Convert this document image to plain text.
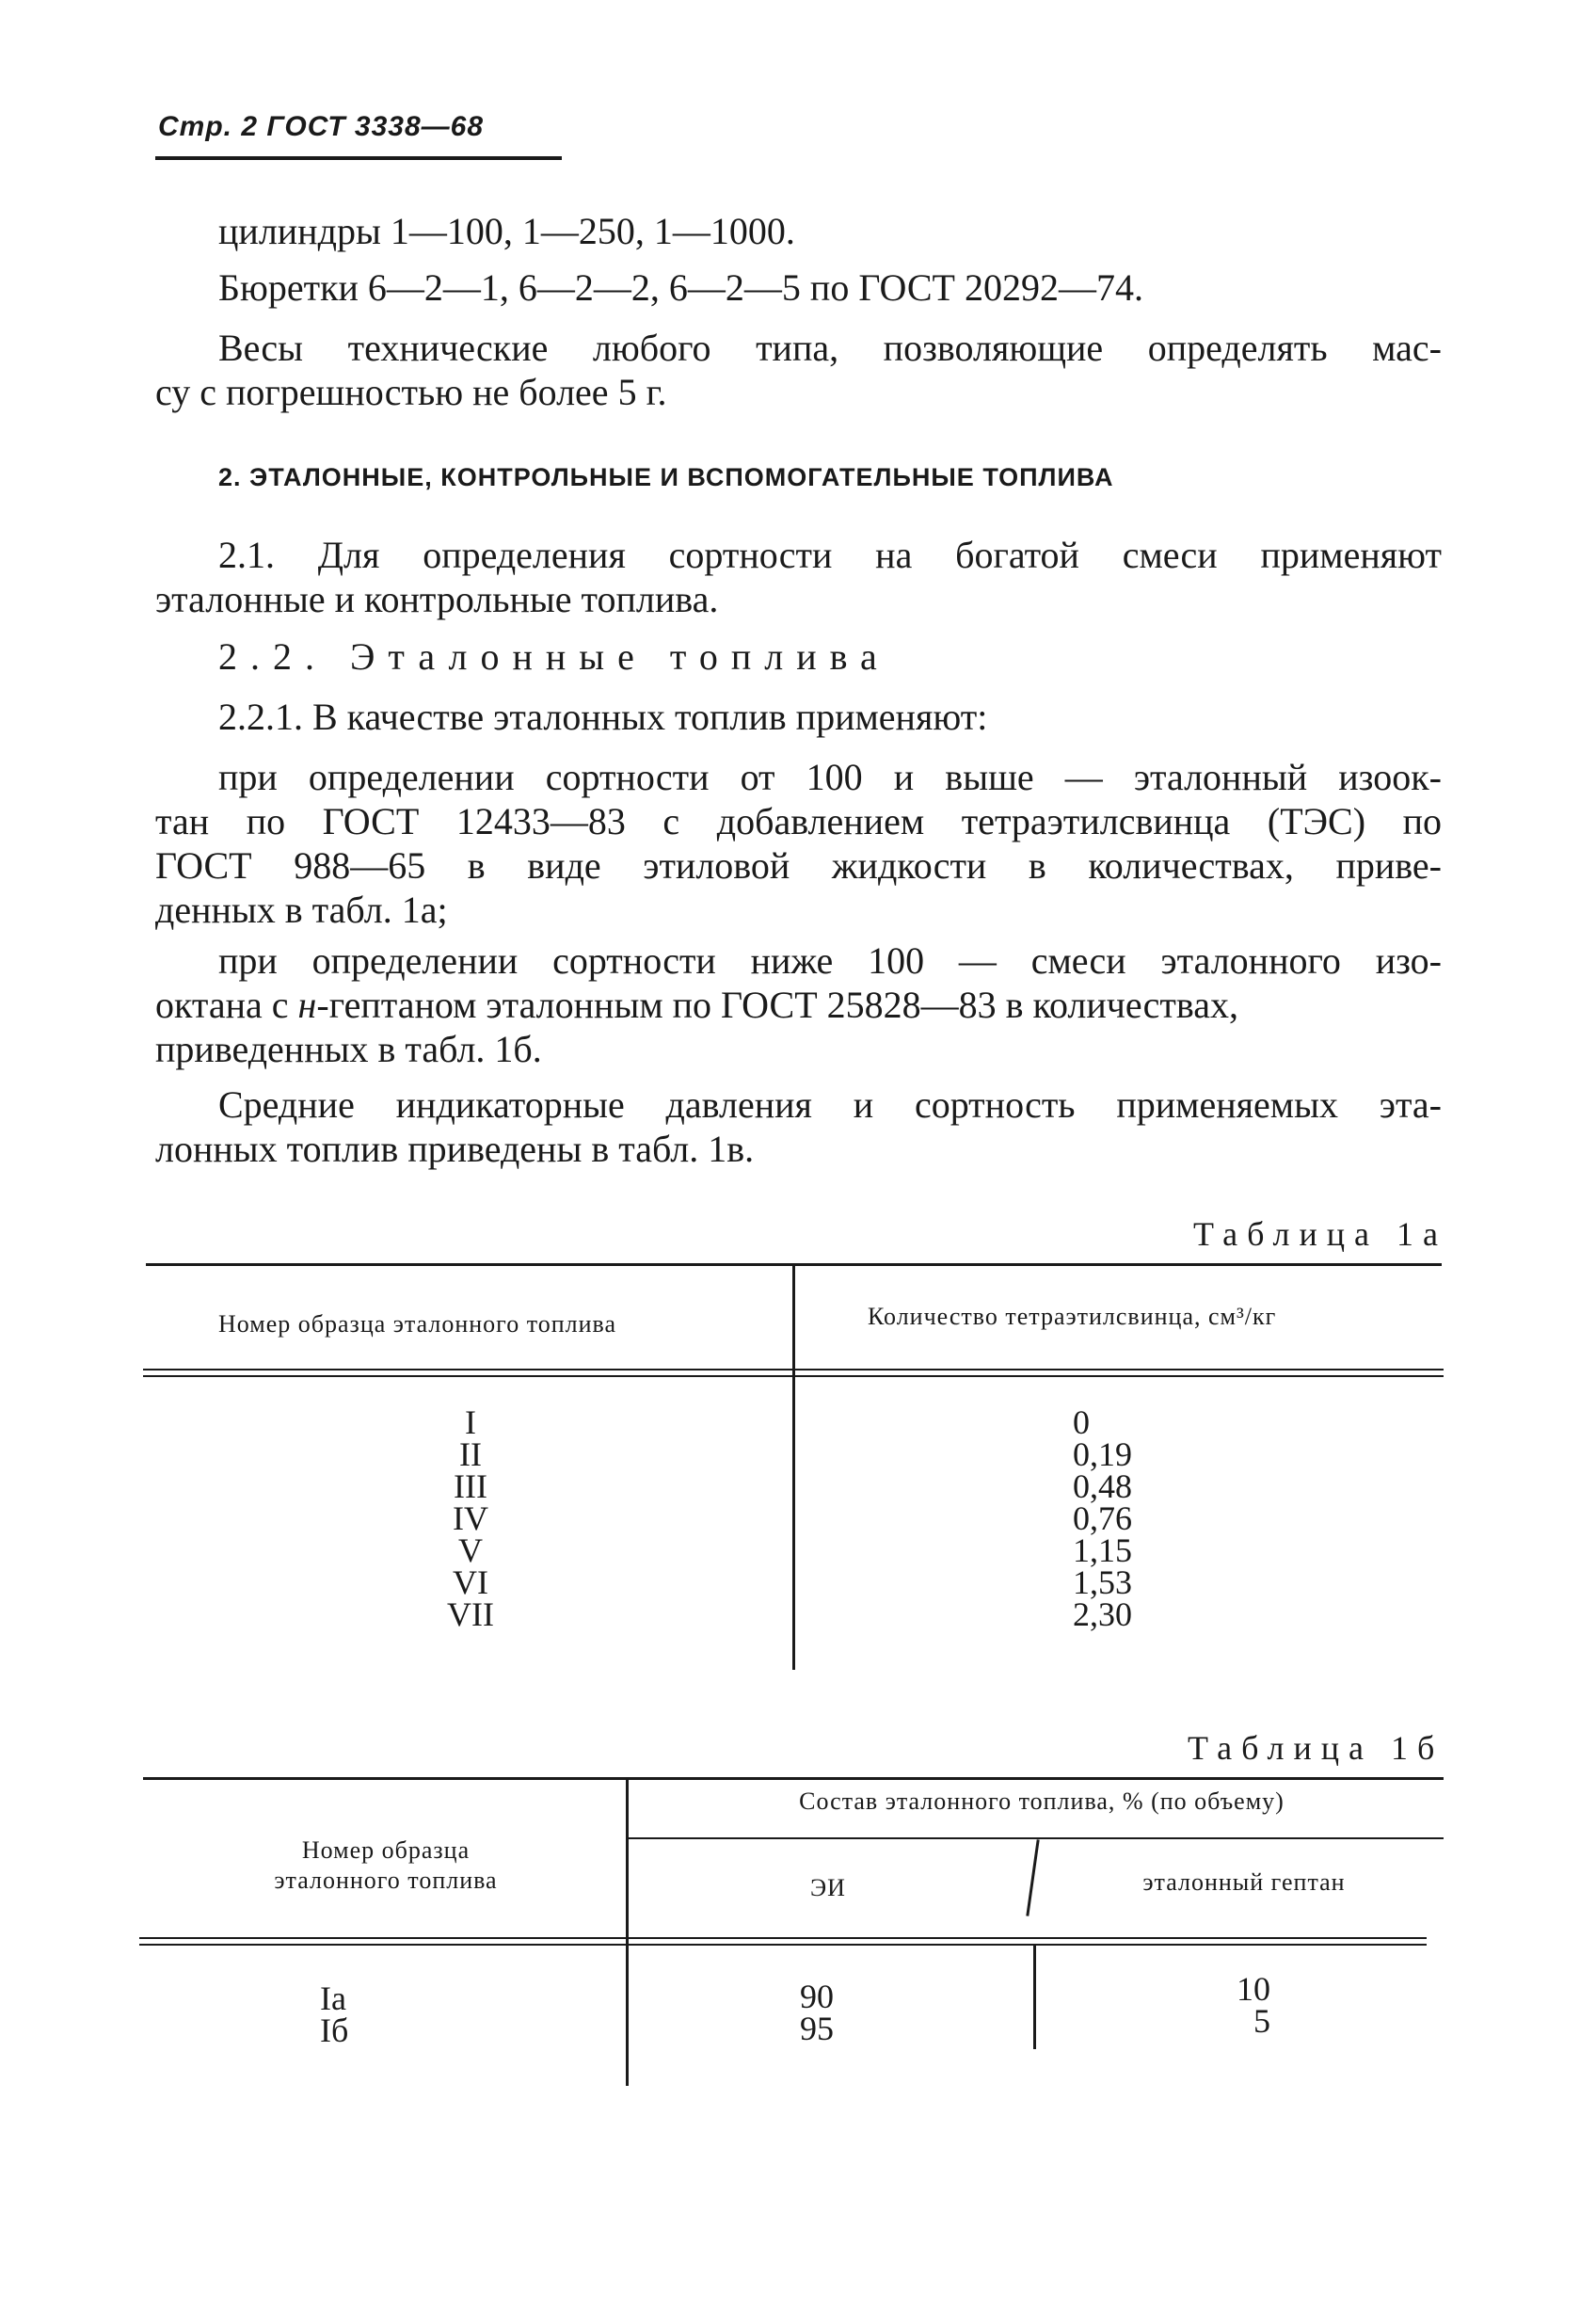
Стр. 2 ГОСТ 3338—68
цилиндры 1—100, 1—250, 1—1000.
Бюретки 6—2—1, 6—2—2, 6—2—5 по ГОСТ 20292—74.
Весы технические любого типа, позволяющие определять мас-
су с погрешностью не более 5 г.
2. ЭТАЛОННЫЕ, КОНТРОЛЬНЫЕ И ВСПОМОГАТЕЛЬНЫЕ ТОПЛИВА
2.1. Для определения сортности на богатой смеси применяют
эталонные и контрольные топлива.
2.2. Эталонные топлива
2.2.1. В качестве эталонных топлив применяют:
при определении сортности от 100 и выше — эталонный изоок-
тан по ГОСТ 12433—83 с добавлением тетраэтилсвинца (ТЭС) по
ГОСТ 988—65 в виде этиловой жидкости в количествах, приве-
денных в табл. 1а;
при определении сортности ниже 100 — смеси эталонного изо-
октана с н-гептаном эталонным по ГОСТ 25828—83 в количествах,
приведенных в табл. 1б.
Средние индикаторные давления и сортность применяемых эта-
лонных топлив приведены в табл. 1в.
Таблица 1а
Номер образца эталонного топлива	Количество тетраэтилсвинца, см³/кг
I
II
III
IV
V
VI
VII
0
0,19
0,48
0,76
1,15
1,53
2,30
Таблица 1б
Номер образца
эталонного топлива
Состав эталонного топлива, % (по объему)
ЭИ	эталонный гептан
Iа
Iб
90
95
10
5
